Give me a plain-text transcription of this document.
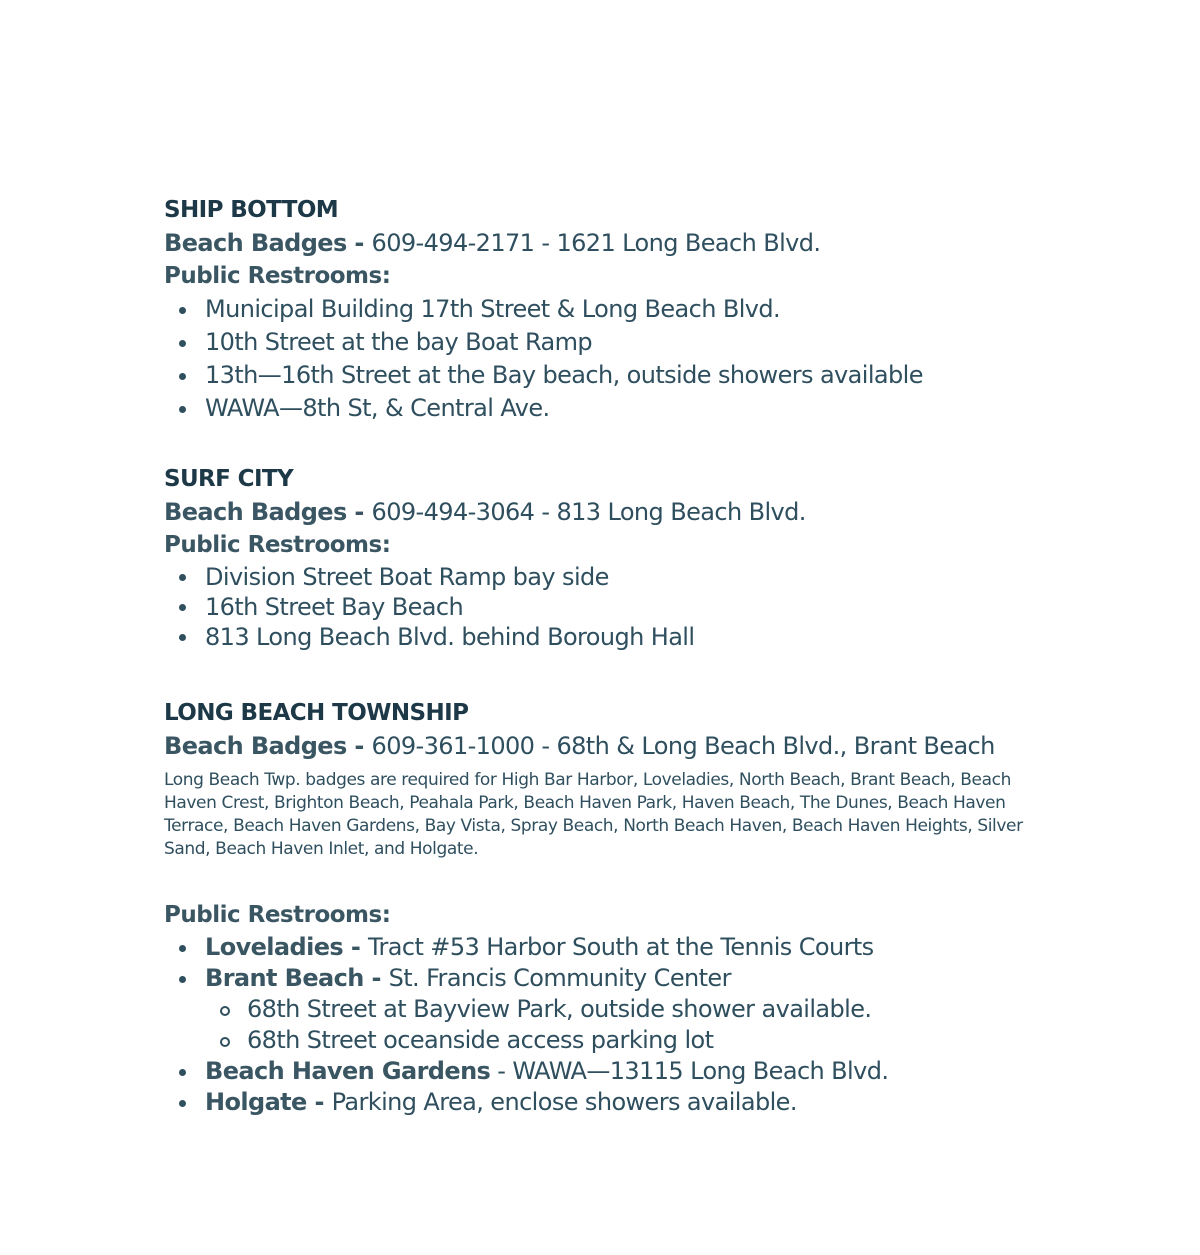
SHIP BOTTOM
Beach Badges - 609-494-2171 - 1621 Long Beach Blvd.
Public Restrooms:
Municipal Building 17th Street & Long Beach Blvd.
10th Street at the bay Boat Ramp
13th—16th Street at the Bay beach, outside showers available
WAWA—8th St, & Central Ave.
SURF CITY
Beach Badges - 609-494-3064 - 813 Long Beach Blvd.
Public Restrooms:
Division Street Boat Ramp bay side
16th Street Bay Beach
813 Long Beach Blvd. behind Borough Hall
LONG BEACH TOWNSHIP
Beach Badges - 609-361-1000 - 68th & Long Beach Blvd., Brant Beach
Long Beach Twp. badges are required for High Bar Harbor, Loveladies, North Beach, Brant Beach, Beach Haven Crest, Brighton Beach, Peahala Park, Beach Haven Park, Haven Beach, The Dunes, Beach Haven Terrace, Beach Haven Gardens, Bay Vista, Spray Beach, North Beach Haven, Beach Haven Heights, Silver Sand, Beach Haven Inlet, and Holgate.
Public Restrooms:
Loveladies - Tract #53 Harbor South at the Tennis Courts
Brant Beach - St. Francis Community Center
68th Street at Bayview Park, outside shower available.
68th Street oceanside access parking lot
Beach Haven Gardens - WAWA—13115 Long Beach Blvd.
Holgate - Parking Area, enclose showers available.
